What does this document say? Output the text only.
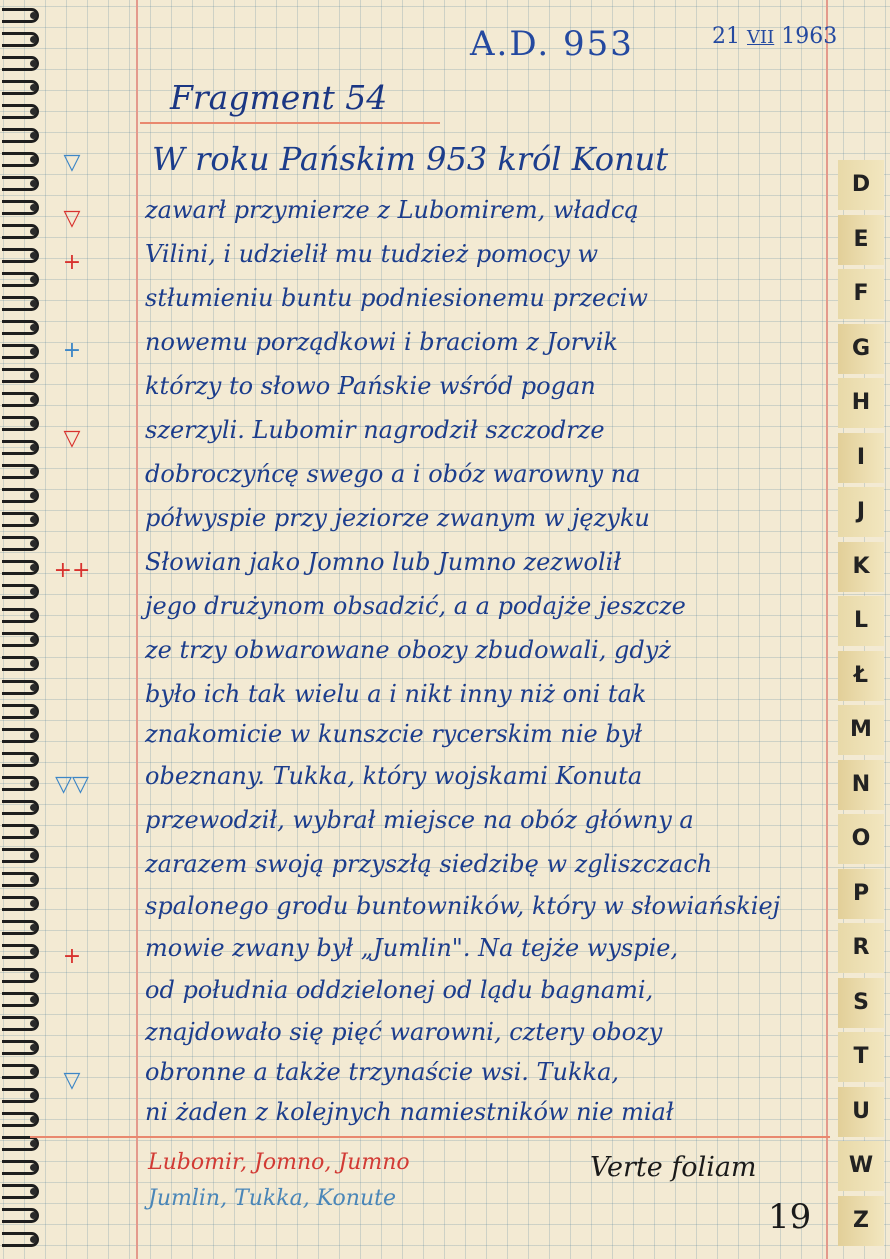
A.D. 953	21 VII 1963
Fragment 54
W roku Pańskim 953 król Konut
zawarł przymierze z Lubomirem, władcą
Vilini, i udzielił mu tudzież pomocy w
stłumieniu buntu podniesionemu przeciw
nowemu porządkowi i braciom z Jorvik
którzy to słowo Pańskie wśród pogan
szerzyli. Lubomir nagrodził szczodrze
dobroczyńcę swego a i obóz warowny na
półwyspie przy jeziorze zwanym w języku
Słowian jako Jomno lub Jumno zezwolił
jego drużynom obsadzić, a a podajże jeszcze
ze trzy obwarowane obozy zbudowali, gdyż
było ich tak wielu a i nikt inny niż oni tak
znakomicie w kunszcie rycerskim nie był
obeznany. Tukka, który wojskami Konuta
przewodził, wybrał miejsce na obóz główny a
zarazem swoją przyszłą siedzibę w zgliszczach
spalonego grodu buntowników, który w słowiańskiej
mowie zwany był „Jumlin". Na tejże wyspie,
od południa oddzielonej od lądu bagnami,
znajdowało się pięć warowni, cztery obozy
obronne a także trzynaście wsi. Tukka,
ni żaden z kolejnych namiestników nie miał
▽
▽
+
+
▽
++
▽▽
+
▽
D
E
F
G
H
I
J
K
L
Ł
M
N
O
P
R
S
T
U
W
Z
Lubomir, Jomno, Jumno
Jumlin, Tukka, Konute
Verte foliam
19
